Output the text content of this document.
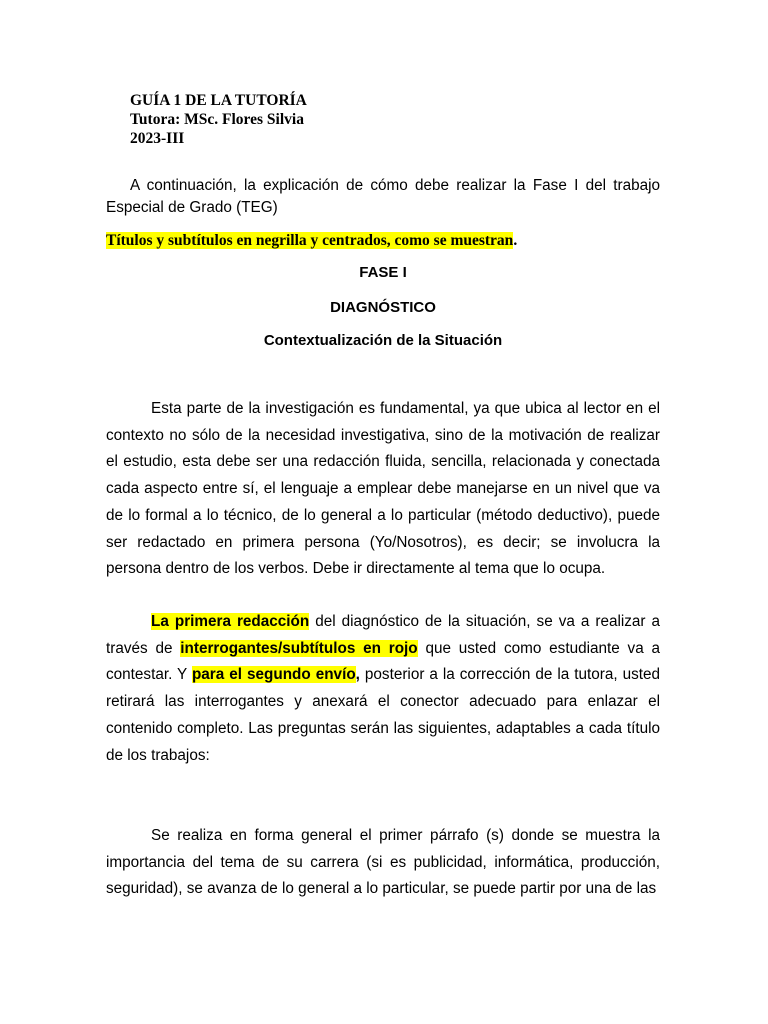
GUÍA 1 DE LA TUTORÍA
Tutora: MSc. Flores Silvia
2023-III

A continuación, la explicación de cómo debe realizar la Fase I del trabajo Especial de Grado (TEG)

Títulos y subtítulos en negrilla y centrados, como se muestran.
FASE I
DIAGNÓSTICO
Contextualización de la Situación

Esta parte de la investigación es fundamental, ya que ubica al lector en el contexto no sólo de la necesidad investigativa, sino de la motivación de realizar el estudio, esta debe ser una redacción fluida, sencilla, relacionada y conectada cada aspecto entre sí, el lenguaje a emplear debe manejarse en un nivel que va de lo formal a lo técnico, de lo general a lo particular (método deductivo), puede ser redactado en primera persona (Yo/Nosotros), es decir; se involucra la persona dentro de los verbos. Debe ir directamente al tema que lo ocupa.

La primera redacción del diagnóstico de la situación, se va a realizar a través de interrogantes/subtítulos en rojo que usted como estudiante va a contestar. Y para el segundo envío, posterior a la corrección de la tutora, usted retirará las interrogantes y anexará el conector adecuado para enlazar el contenido completo. Las preguntas serán las siguientes, adaptables a cada título de los trabajos:

Se realiza en forma general el primer párrafo (s) donde se muestra la importancia del tema de su carrera (si es publicidad, informática, producción, seguridad), se avanza de lo general a lo particular, se puede partir por una de las
